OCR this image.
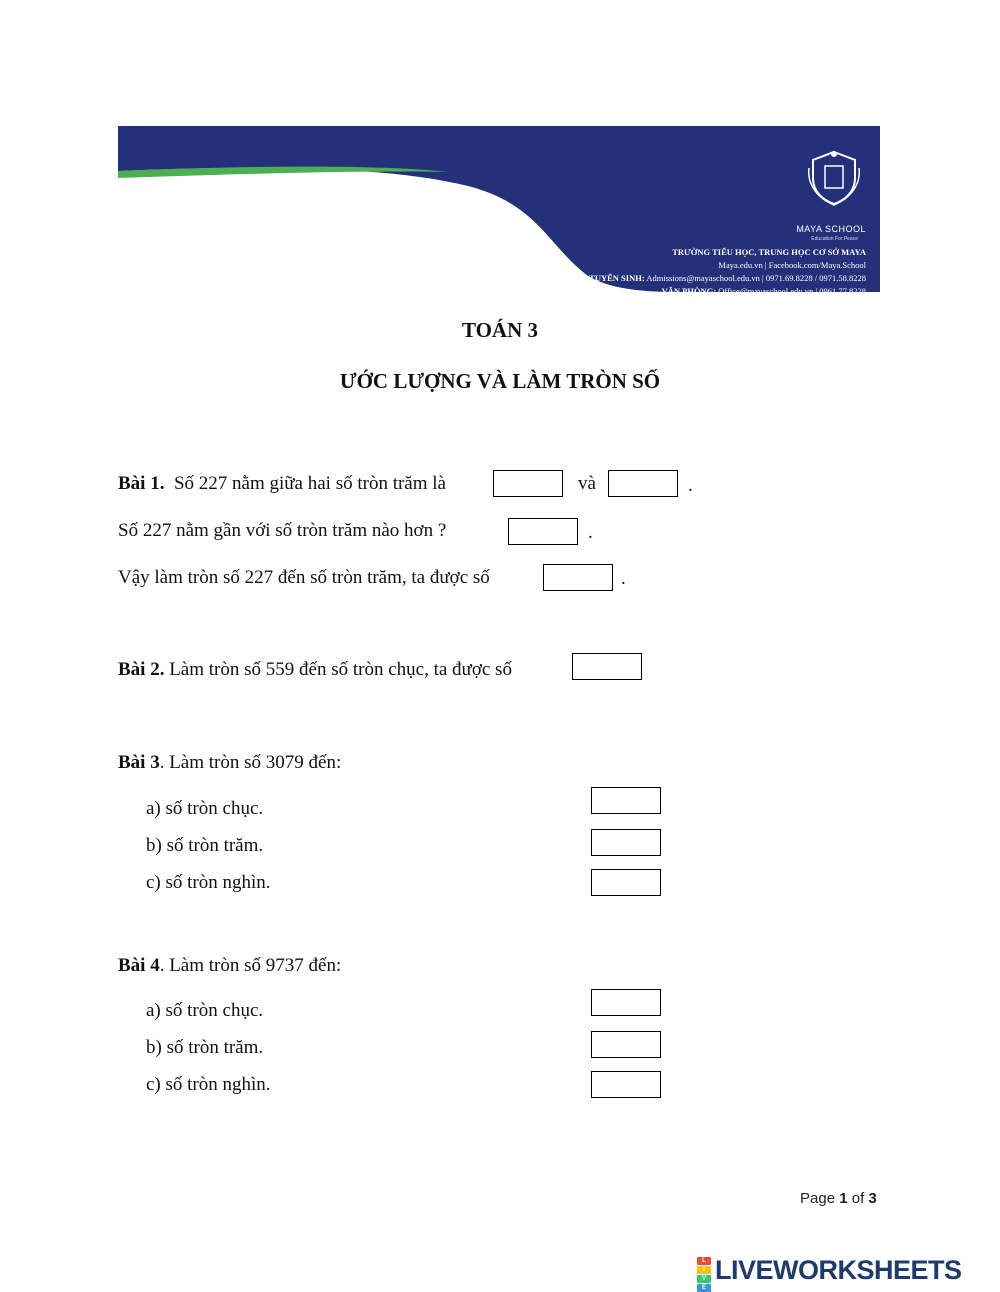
MAYA SCHOOL
Education For Peace
TRƯỜNG TIỂU HỌC, TRUNG HỌC CƠ SỞ MAYA
Maya.edu.vn | Facebook.com/Maya.School
TUYỂN SINH: Admissions@mayaschool.edu.vn | 0971.69.8228 / 0971.58.8228
VĂN PHÒNG: Office@mayaschool.edu.vn | 0961.77.8228
TOÁN 3
ƯỚC LƯỢNG VÀ LÀM TRÒN SỐ
Bài 1. Số 227 nằm giữa hai số tròn trăm là	và	.
Số 227 nằm gần với số tròn trăm nào hơn ?	.
Vậy làm tròn số 227 đến số tròn trăm, ta được số	.
Bài 2. Làm tròn số 559 đến số tròn chục, ta được số
Bài 3. Làm tròn số 3079 đến:
a) số tròn chục.
b) số tròn trăm.
c) số tròn nghìn.
Bài 4. Làm tròn số 9737 đến:
a) số tròn chục.
b) số tròn trăm.
c) số tròn nghìn.
Page 1 of 3
L
I
V
E
LIVEWORKSHEETS
